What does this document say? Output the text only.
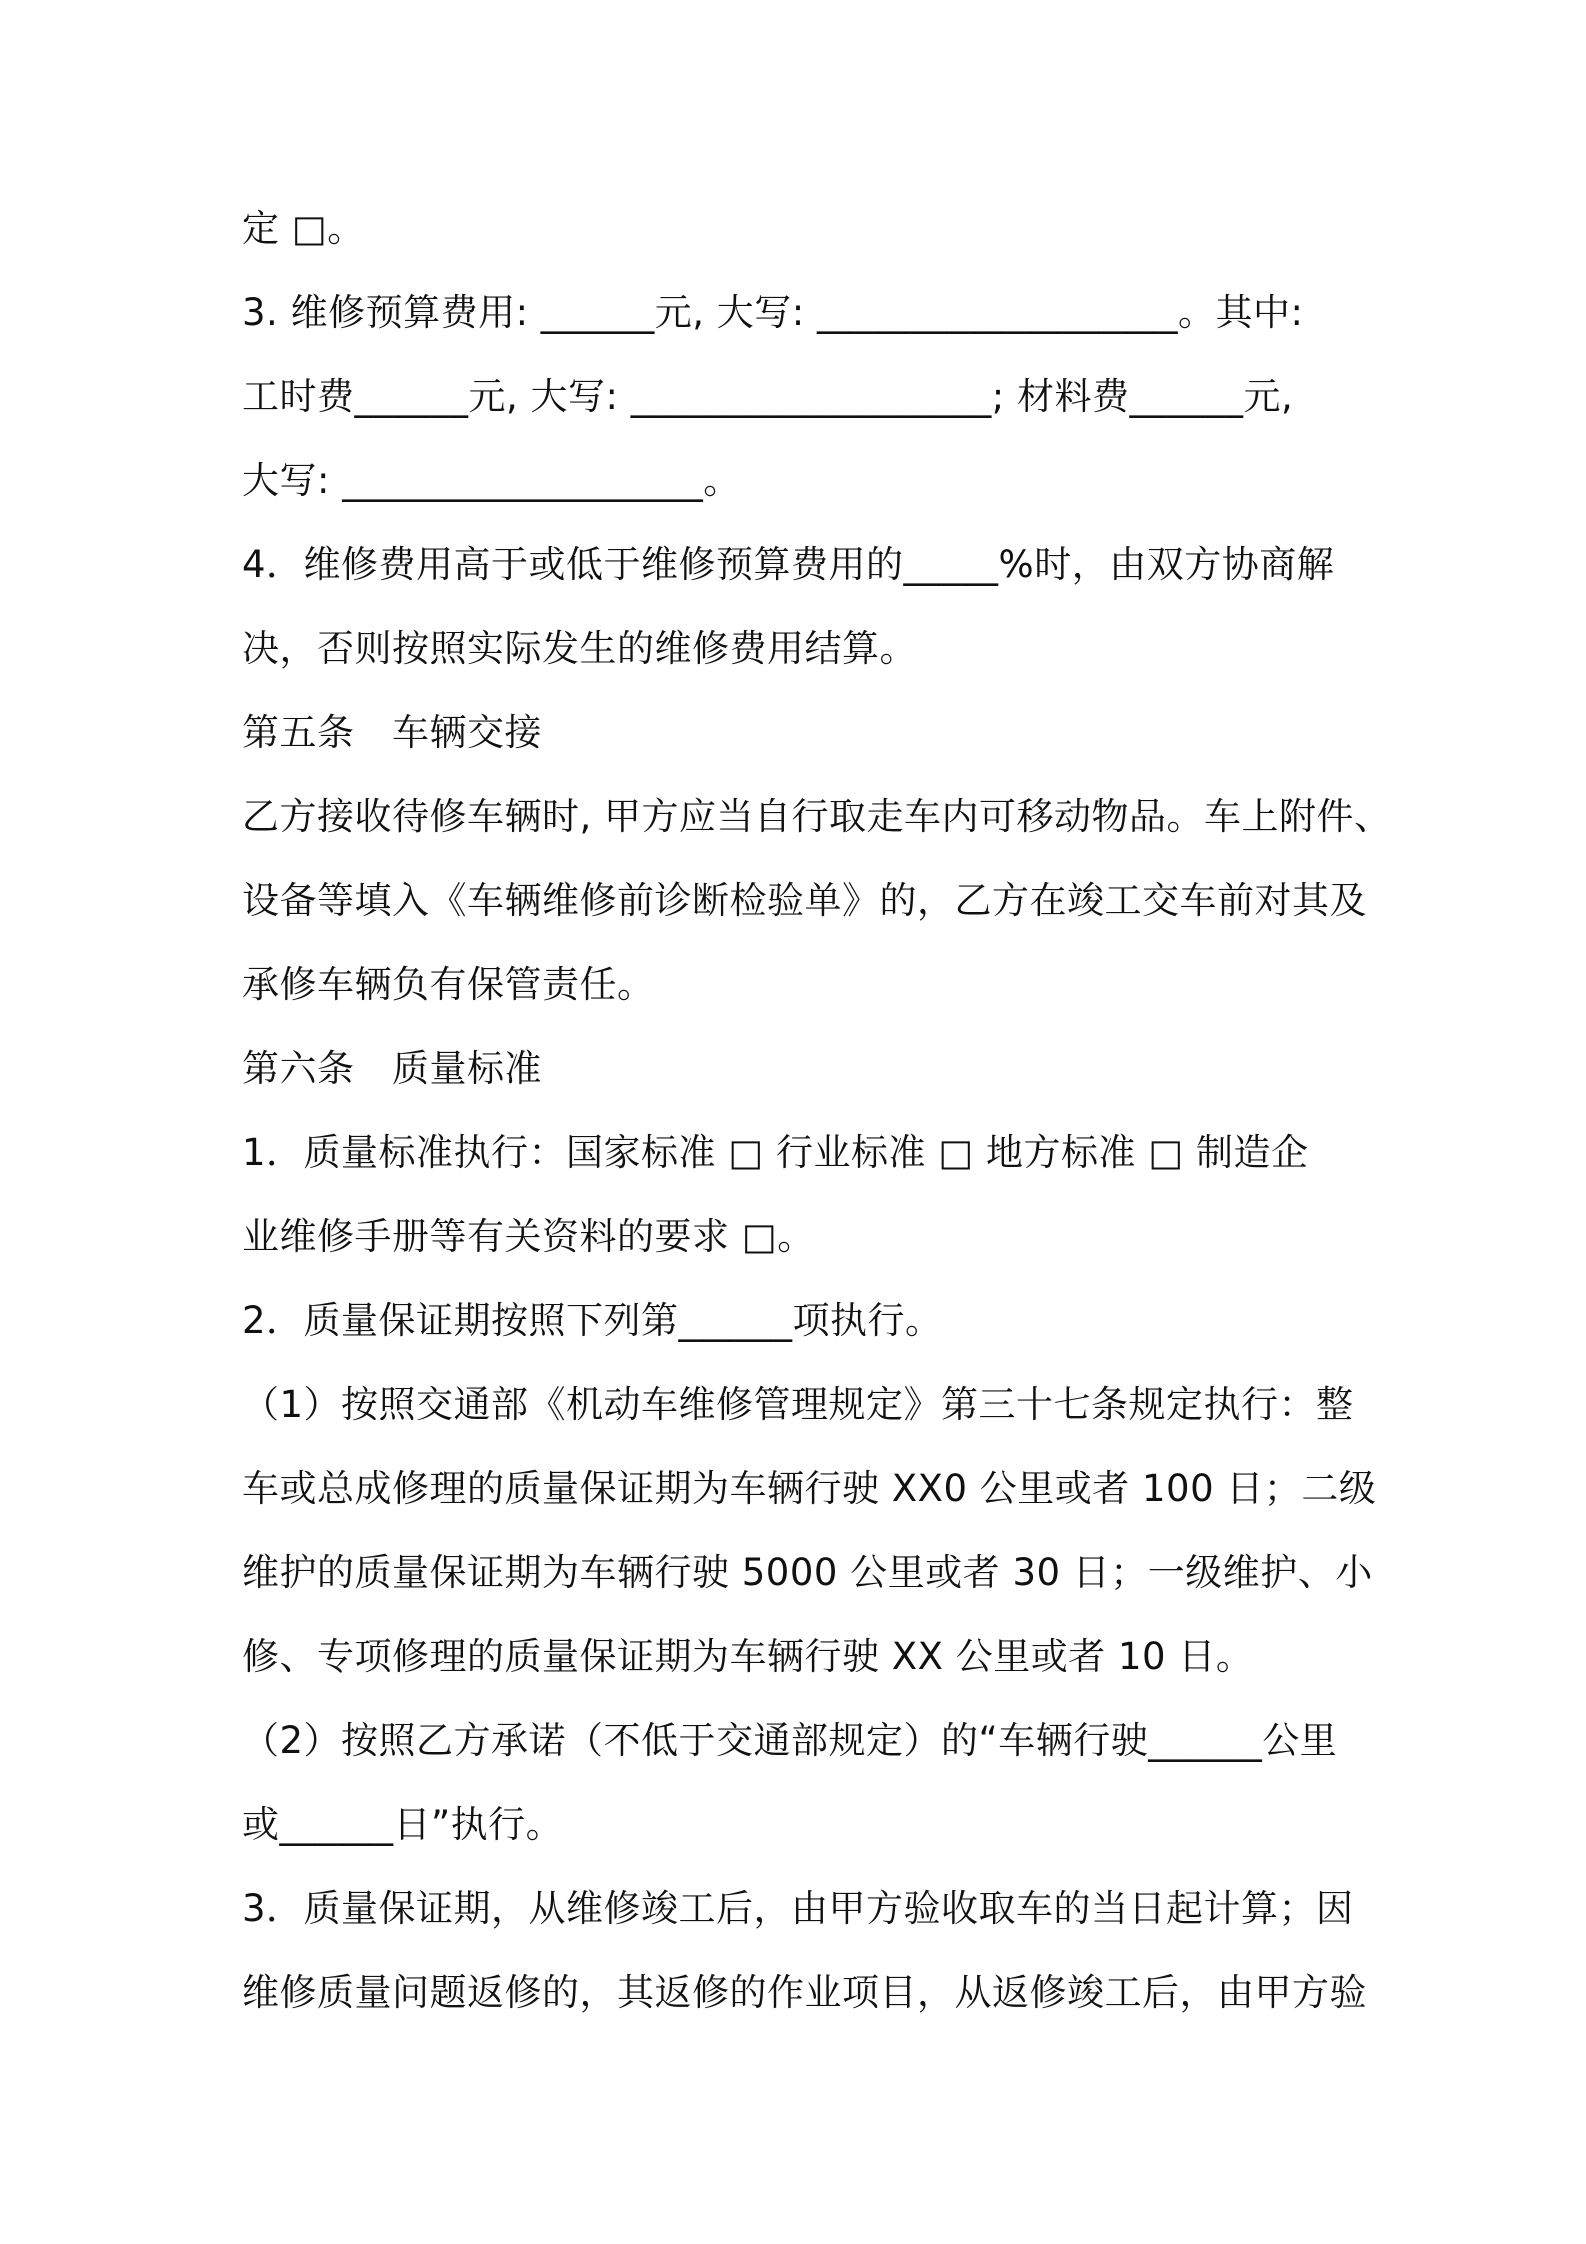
定 □。
3. 维修预算费用: ______元, 大写: ___________________。其中:
工时费______元, 大写: ___________________; 材料费______元,
大写: ___________________。
4．维修费用高于或低于维修预算费用的_____%时，由双方协商解
决，否则按照实际发生的维修费用结算。
第五条　车辆交接
乙方接收待修车辆时, 甲方应当自行取走车内可移动物品。车上附件、
设备等填入《车辆维修前诊断检验单》的，乙方在竣工交车前对其及
承修车辆负有保管责任。
第六条　质量标准
1．质量标准执行：国家标准 □ 行业标准 □ 地方标准 □ 制造企
业维修手册等有关资料的要求 □。
2．质量保证期按照下列第______项执行。
（1）按照交通部《机动车维修管理规定》第三十七条规定执行：整
车或总成修理的质量保证期为车辆行驶 XX0 公里或者 100 日；二级
维护的质量保证期为车辆行驶 5000 公里或者 30 日；一级维护、小
修、专项修理的质量保证期为车辆行驶 XX 公里或者 10 日。
（2）按照乙方承诺（不低于交通部规定）的“车辆行驶______公里
或______日”执行。
3．质量保证期，从维修竣工后，由甲方验收取车的当日起计算；因
维修质量问题返修的，其返修的作业项目，从返修竣工后，由甲方验
